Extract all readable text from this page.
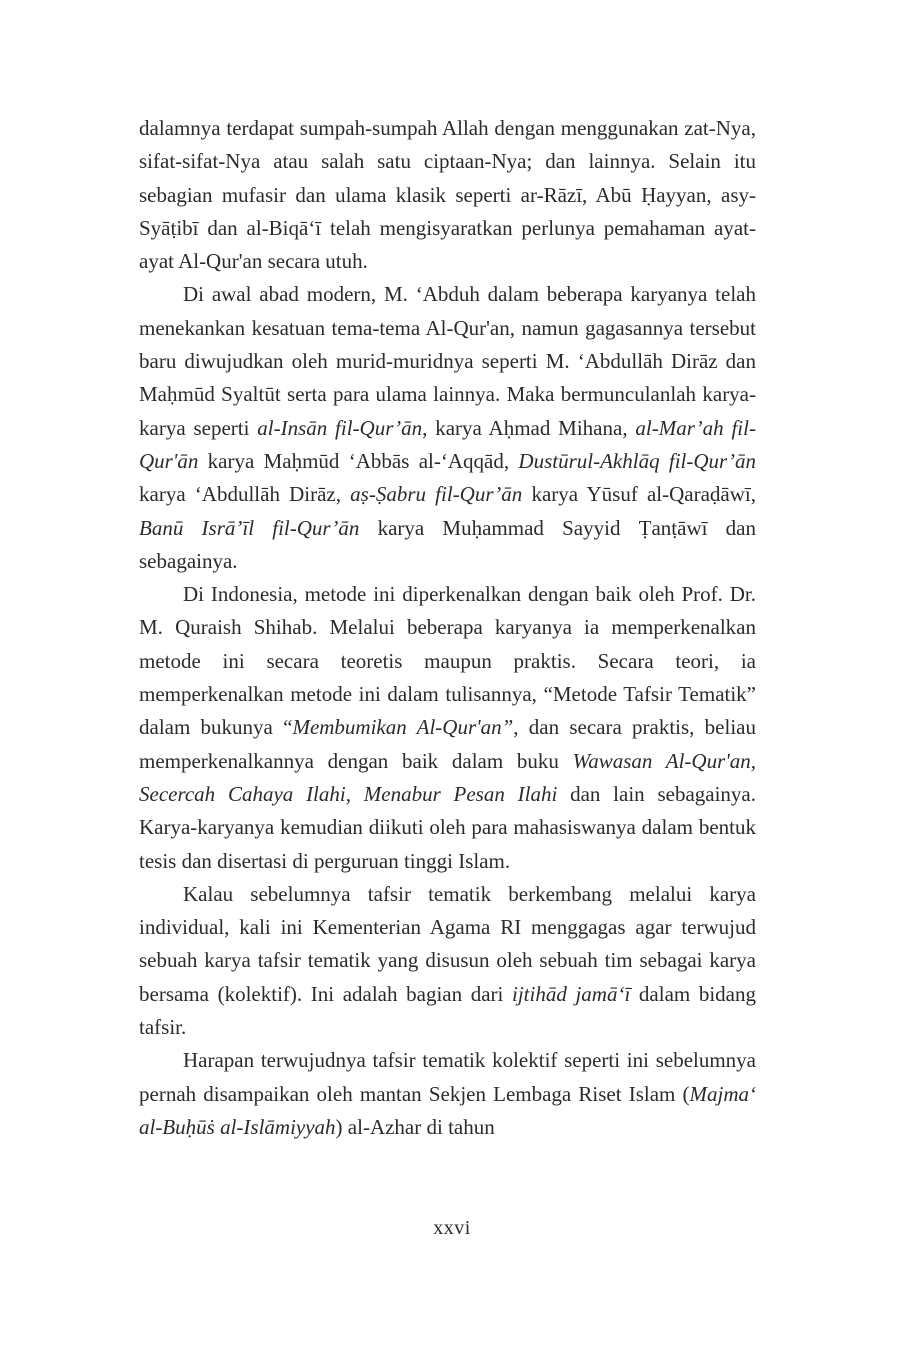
dalamnya terdapat sumpah-sumpah Allah dengan menggunakan zat-Nya, sifat-sifat-Nya atau salah satu ciptaan-Nya; dan lainnya. Selain itu sebagian mufasir dan ulama klasik seperti ar-Rāzī, Abū Ḥayyan, asy-Syāṭibī dan al-Biqā‘ī telah mengisyaratkan perlunya pemahaman ayat-ayat Al-Qur'an secara utuh.

Di awal abad modern, M. ‘Abduh dalam beberapa karyanya telah menekankan kesatuan tema-tema Al-Qur'an, namun gagasannya tersebut baru diwujudkan oleh murid-muridnya seperti M. ‘Abdullāh Dirāz dan Maḥmūd Syaltūt serta para ulama lainnya. Maka bermunculanlah karya-karya seperti al-Insān fil-Qur’ān, karya Aḥmad Mihana, al-Mar’ah fil-Qur'ān karya Maḥmūd ‘Abbās al-‘Aqqād, Dustūrul-Akhlāq fil-Qur’ān karya ‘Abdullāh Dirāz, aṣ-Ṣabru fil-Qur’ān karya Yūsuf al-Qaraḍāwī, Banū Isrā’īl fil-Qur’ān karya Muḥammad Sayyid Ṭanṭāwī dan sebagainya.

Di Indonesia, metode ini diperkenalkan dengan baik oleh Prof. Dr. M. Quraish Shihab. Melalui beberapa karyanya ia memperkenalkan metode ini secara teoretis maupun praktis. Secara teori, ia memperkenalkan metode ini dalam tulisannya, “Metode Tafsir Tematik” dalam bukunya “Membumikan Al-Qur'an”, dan secara praktis, beliau memperkenalkannya dengan baik dalam buku Wawasan Al-Qur'an, Secercah Cahaya Ilahi, Menabur Pesan Ilahi dan lain sebagainya. Karya-karyanya kemudian diikuti oleh para mahasiswanya dalam bentuk tesis dan disertasi di perguruan tinggi Islam.

Kalau sebelumnya tafsir tematik berkembang melalui karya individual, kali ini Kementerian Agama RI menggagas agar terwujud sebuah karya tafsir tematik yang disusun oleh sebuah tim sebagai karya bersama (kolektif). Ini adalah bagian dari ijtihād jamā‘ī dalam bidang tafsir.

Harapan terwujudnya tafsir tematik kolektif seperti ini sebelumnya pernah disampaikan oleh mantan Sekjen Lembaga Riset Islam (Majma‘ al-Buḥūṡ al-Islāmiyyah) al-Azhar di tahun

xxvi
